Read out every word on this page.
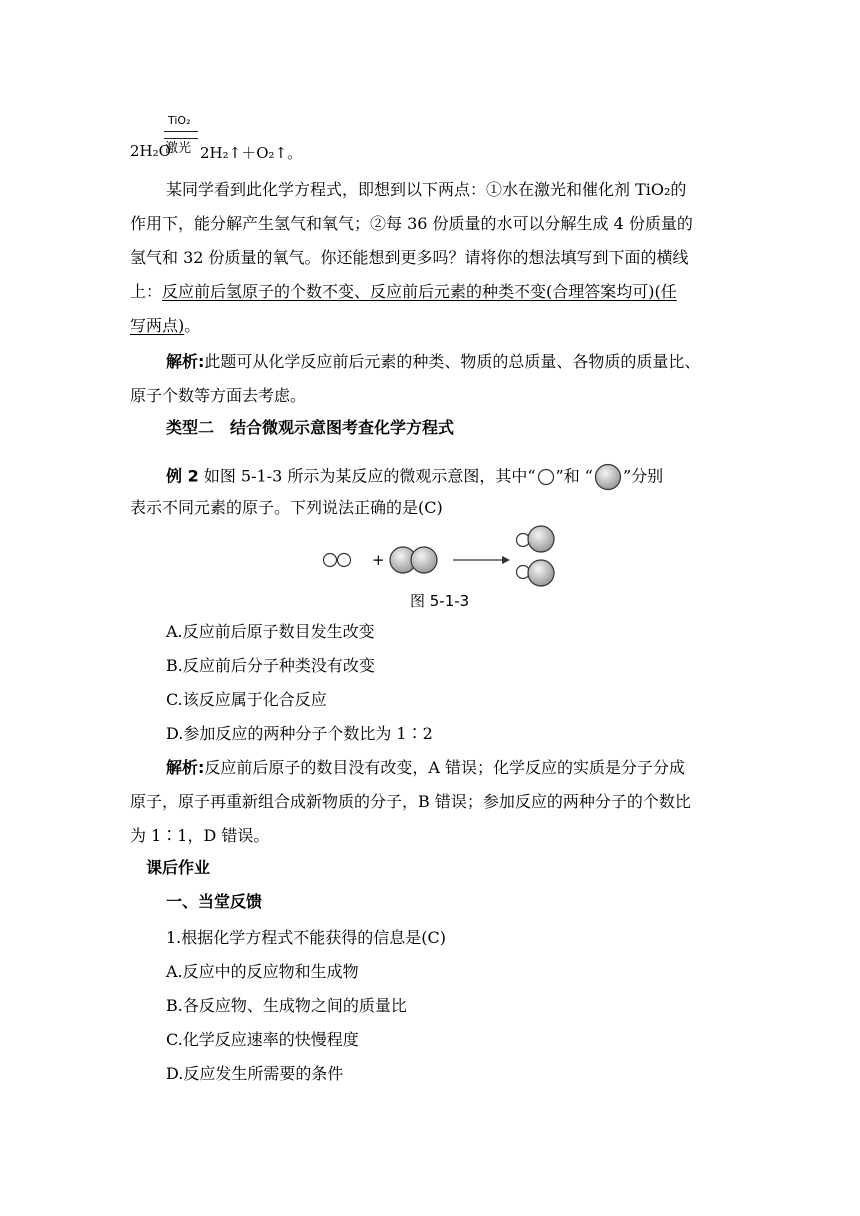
TiO₂
激光
2H₂O 2H₂↑＋O₂↑。
某同学看到此化学方程式，即想到以下两点：①水在激光和催化剂 TiO₂的
作用下，能分解产生氢气和氧气；②每 36 份质量的水可以分解生成 4 份质量的
氢气和 32 份质量的氧气。你还能想到更多吗？请将你的想法填写到下面的横线
上：反应前后氢原子的个数不变、反应前后元素的种类不变(合理答案均可)(任
写两点)。
解析:此题可从化学反应前后元素的种类、物质的总质量、各物质的质量比、
原子个数等方面去考虑。
类型二　结合微观示意图考查化学方程式
例 2 如图 5-1-3 所示为某反应的微观示意图，其中“ ”和 “ ”分别
表示不同元素的原子。下列说法正确的是(C)
+
图 5-1-3
A.反应前后原子数目发生改变
B.反应前后分子种类没有改变
C.该反应属于化合反应
D.参加反应的两种分子个数比为 1∶2
解析:反应前后原子的数目没有改变，A 错误；化学反应的实质是分子分成
原子，原子再重新组合成新物质的分子，B 错误；参加反应的两种分子的个数比
为 1∶1，D 错误。
课后作业
一、当堂反馈
1.根据化学方程式不能获得的信息是(C)
A.反应中的反应物和生成物
B.各反应物、生成物之间的质量比
C.化学反应速率的快慢程度
D.反应发生所需要的条件
